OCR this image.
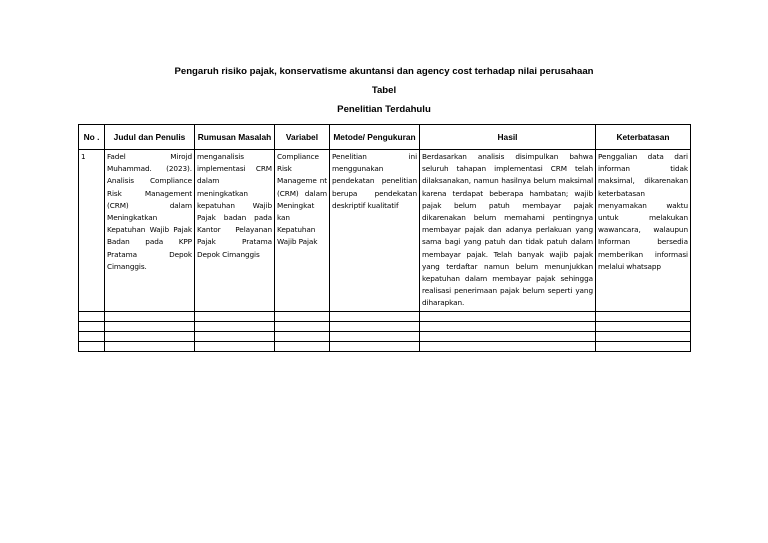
Pengaruh risiko pajak, konservatisme akuntansi dan agency cost terhadap nilai perusahaan
Tabel
Penelitian Terdahulu
No .	Judul dan Penulis	Rumusan Masalah	Variabel	Metode/ Pengukuran	Hasil	Keterbatasan
1	Fadel Mirojd Muhammad. (2023). Analisis Compliance Risk Management (CRM) dalam Meningkatkan Kepatuhan Wajib Pajak Badan pada KPP Pratama Depok Cimanggis.	menganalisis implementasi CRM dalam meningkatkan kepatuhan Wajib Pajak badan pada Kantor Pelayanan Pajak Pratama Depok Cimanggis	Compliance Risk Manageme nt (CRM) dalam Meningkat kan Kepatuhan Wajib Pajak	Penelitian ini menggunakan pendekatan penelitian berupa pendekatan deskriptif kualitatif	Berdasarkan analisis disimpulkan bahwa seluruh tahapan implementasi CRM telah dilaksanakan, namun hasilnya belum maksimal karena terdapat beberapa hambatan; wajib pajak belum patuh membayar pajak dikarenakan belum memahami pentingnya membayar pajak dan adanya perlakuan yang sama bagi yang patuh dan tidak patuh dalam membayar pajak. Telah banyak wajib pajak yang terdaftar namun belum menunjukkan kepatuhan dalam membayar pajak sehingga realisasi penerimaan pajak belum seperti yang diharapkan.	Penggalian data dari informan tidak maksimal, dikarenakan keterbatasan menyamakan waktu untuk melakukan wawancara, walaupun Informan bersedia memberikan informasi melalui whatsapp
